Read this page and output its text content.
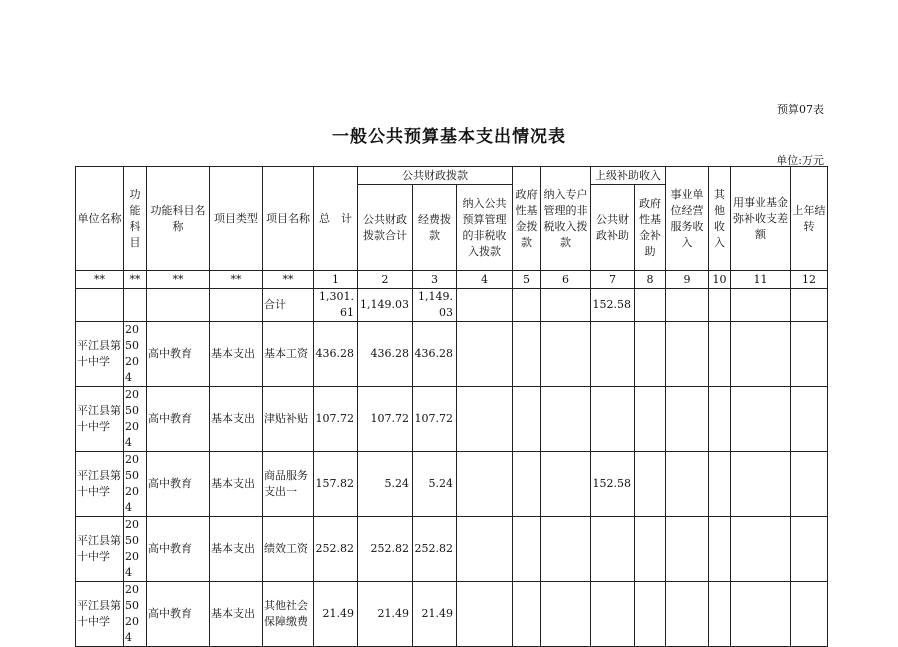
预算07表
一般公共预算基本支出情况表
单位:万元
单位名称	功能科目	功能科目名称	项目类型	项目名称	总　计	公共财政拨款			政府性基金拨款	纳入专户管理的非税收入拨款	上级补助收入		事业单位经营服务收入	其他收入	用事业基金弥补收支差额	上年结转
						公共财政拨款合计	经费拨款	纳入公共预算管理的非税收入拨款			公共财政补助	政府性基金补助				
**	**	**	**	**	1	2	3	4	5	6	7	8	9	10	11	12
				合计	1,301.61	1,149.03	1,149.03				152.58					
平江县第十中学	2050204	高中教育	基本支出	基本工资	436.28	436.28	436.28									
平江县第十中学	2050204	高中教育	基本支出	津贴补贴	107.72	107.72	107.72									
平江县第十中学	2050204	高中教育	基本支出	商品服务支出一	157.82	5.24	5.24				152.58					
平江县第十中学	2050204	高中教育	基本支出	绩效工资	252.82	252.82	252.82									
平江县第十中学	2050204	高中教育	基本支出	其他社会保障缴费	21.49	21.49	21.49									
